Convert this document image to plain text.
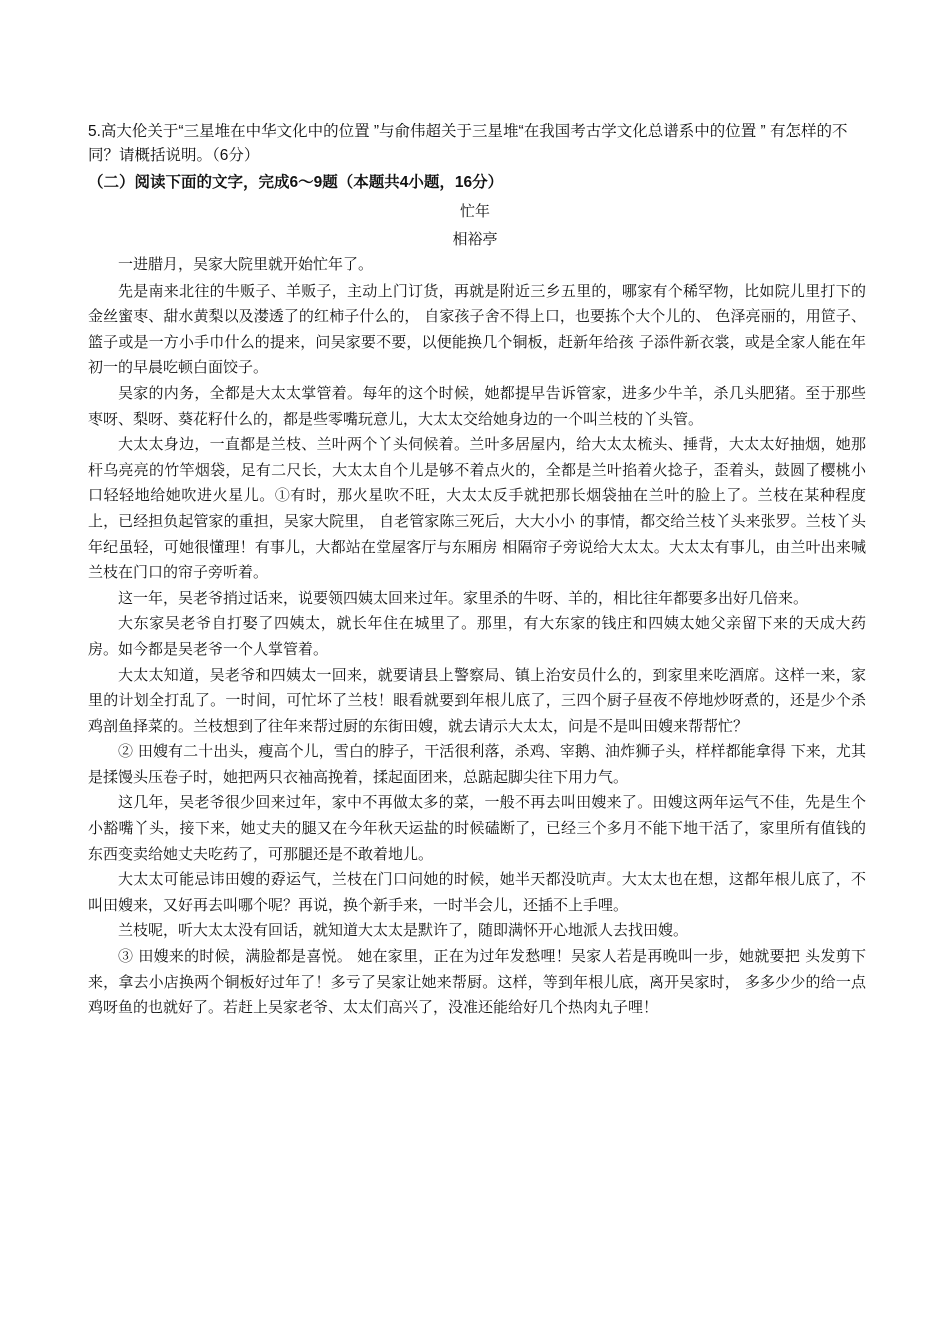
5.高大伦关于“三星堆在中华文化中的位置 ”与俞伟超关于三星堆“在我国考古学文化总谱系中的位置 ” 有怎样的不同？请概括说明。（6分）
（二）阅读下面的文字，完成6～9题（本题共4小题，16分）
忙年
相裕亭

一进腊月，吴家大院里就开始忙年了。

先是南来北往的牛贩子、羊贩子，主动上门订货，再就是附近三乡五里的，哪家有个稀罕物，比如院儿里打下的金丝蜜枣、甜水黄梨以及漤透了的红柿子什么的， 自家孩子舍不得上口，也要拣个大个儿的、 色泽亮丽的，用笸子、篮子或是一方小手巾什么的提来，问吴家要不要，以便能换几个铜板，赶新年给孩 子添件新衣裳，或是全家人能在年初一的早晨吃顿白面饺子。

吴家的内务，全都是大太太掌管着。每年的这个时候，她都提早告诉管家，进多少牛羊，杀几头肥猪。至于那些枣呀、梨呀、葵花籽什么的，都是些零嘴玩意儿，大太太交给她身边的一个叫兰枝的丫头管。

大太太身边，一直都是兰枝、兰叶两个丫头伺候着。兰叶多居屋内，给大太太梳头、捶背，大太太好抽烟，她那杆乌亮亮的竹竿烟袋，足有二尺长，大太太自个儿是够不着点火的，全都是兰叶掐着火捻子，歪着头，鼓圆了樱桃小口轻轻地给她吹进火星儿。①有时，那火星吹不旺，大太太反手就把那长烟袋抽在兰叶的脸上了。兰枝在某种程度上，已经担负起管家的重担，吴家大院里， 自老管家陈三死后，大大小小 的事情，都交给兰枝丫头来张罗。兰枝丫头年纪虽轻，可她很懂理！有事儿，大都站在堂屋客厅与东厢房 相隔帘子旁说给大太太。大太太有事儿，由兰叶出来喊兰枝在门口的帘子旁听着。

这一年，吴老爷捎过话来，说要领四姨太回来过年。家里杀的牛呀、羊的，相比往年都要多出好几倍来。

大东家吴老爷自打娶了四姨太，就长年住在城里了。那里，有大东家的钱庄和四姨太她父亲留下来的天成大药房。如今都是吴老爷一个人掌管着。

大太太知道，吴老爷和四姨太一回来，就要请县上警察局、镇上治安员什么的，到家里来吃酒席。这样一来，家里的计划全打乱了。一时间，可忙坏了兰枝！眼看就要到年根儿底了，三四个厨子昼夜不停地炒呀煮的，还是少个杀鸡剖鱼择菜的。兰枝想到了往年来帮过厨的东街田嫂，就去请示大太太，问是不是叫田嫂来帮帮忙？

② 田嫂有二十出头，瘦高个儿，雪白的脖子，干活很利落，杀鸡、宰鹅、油炸狮子头，样样都能拿得 下来，尤其是揉馒头压卷子时，她把两只衣袖高挽着，揉起面团来，总踮起脚尖往下用力气。

这几年，吴老爷很少回来过年，家中不再做太多的菜，一般不再去叫田嫂来了。田嫂这两年运气不佳，先是生个小豁嘴丫头，接下来，她丈夫的腿又在今年秋天运盐的时候磕断了，已经三个多月不能下地干活了，家里所有值钱的东西变卖给她丈夫吃药了，可那腿还是不敢着地儿。

大太太可能忌讳田嫂的孬运气，兰枝在门口问她的时候，她半天都没吭声。大太太也在想，这都年根儿底了，不叫田嫂来，又好再去叫哪个呢？再说，换个新手来，一时半会儿，还插不上手哩。

兰枝呢，听大太太没有回话，就知道大太太是默许了，随即满怀开心地派人去找田嫂。

③ 田嫂来的时候，满脸都是喜悦。 她在家里，正在为过年发愁哩！吴家人若是再晚叫一步，她就要把 头发剪下来，拿去小店换两个铜板好过年了！多亏了吴家让她来帮厨。这样，等到年根儿底，离开吴家时， 多多少少的给一点鸡呀鱼的也就好了。若赶上吴家老爷、太太们高兴了，没准还能给好几个热肉丸子哩！
